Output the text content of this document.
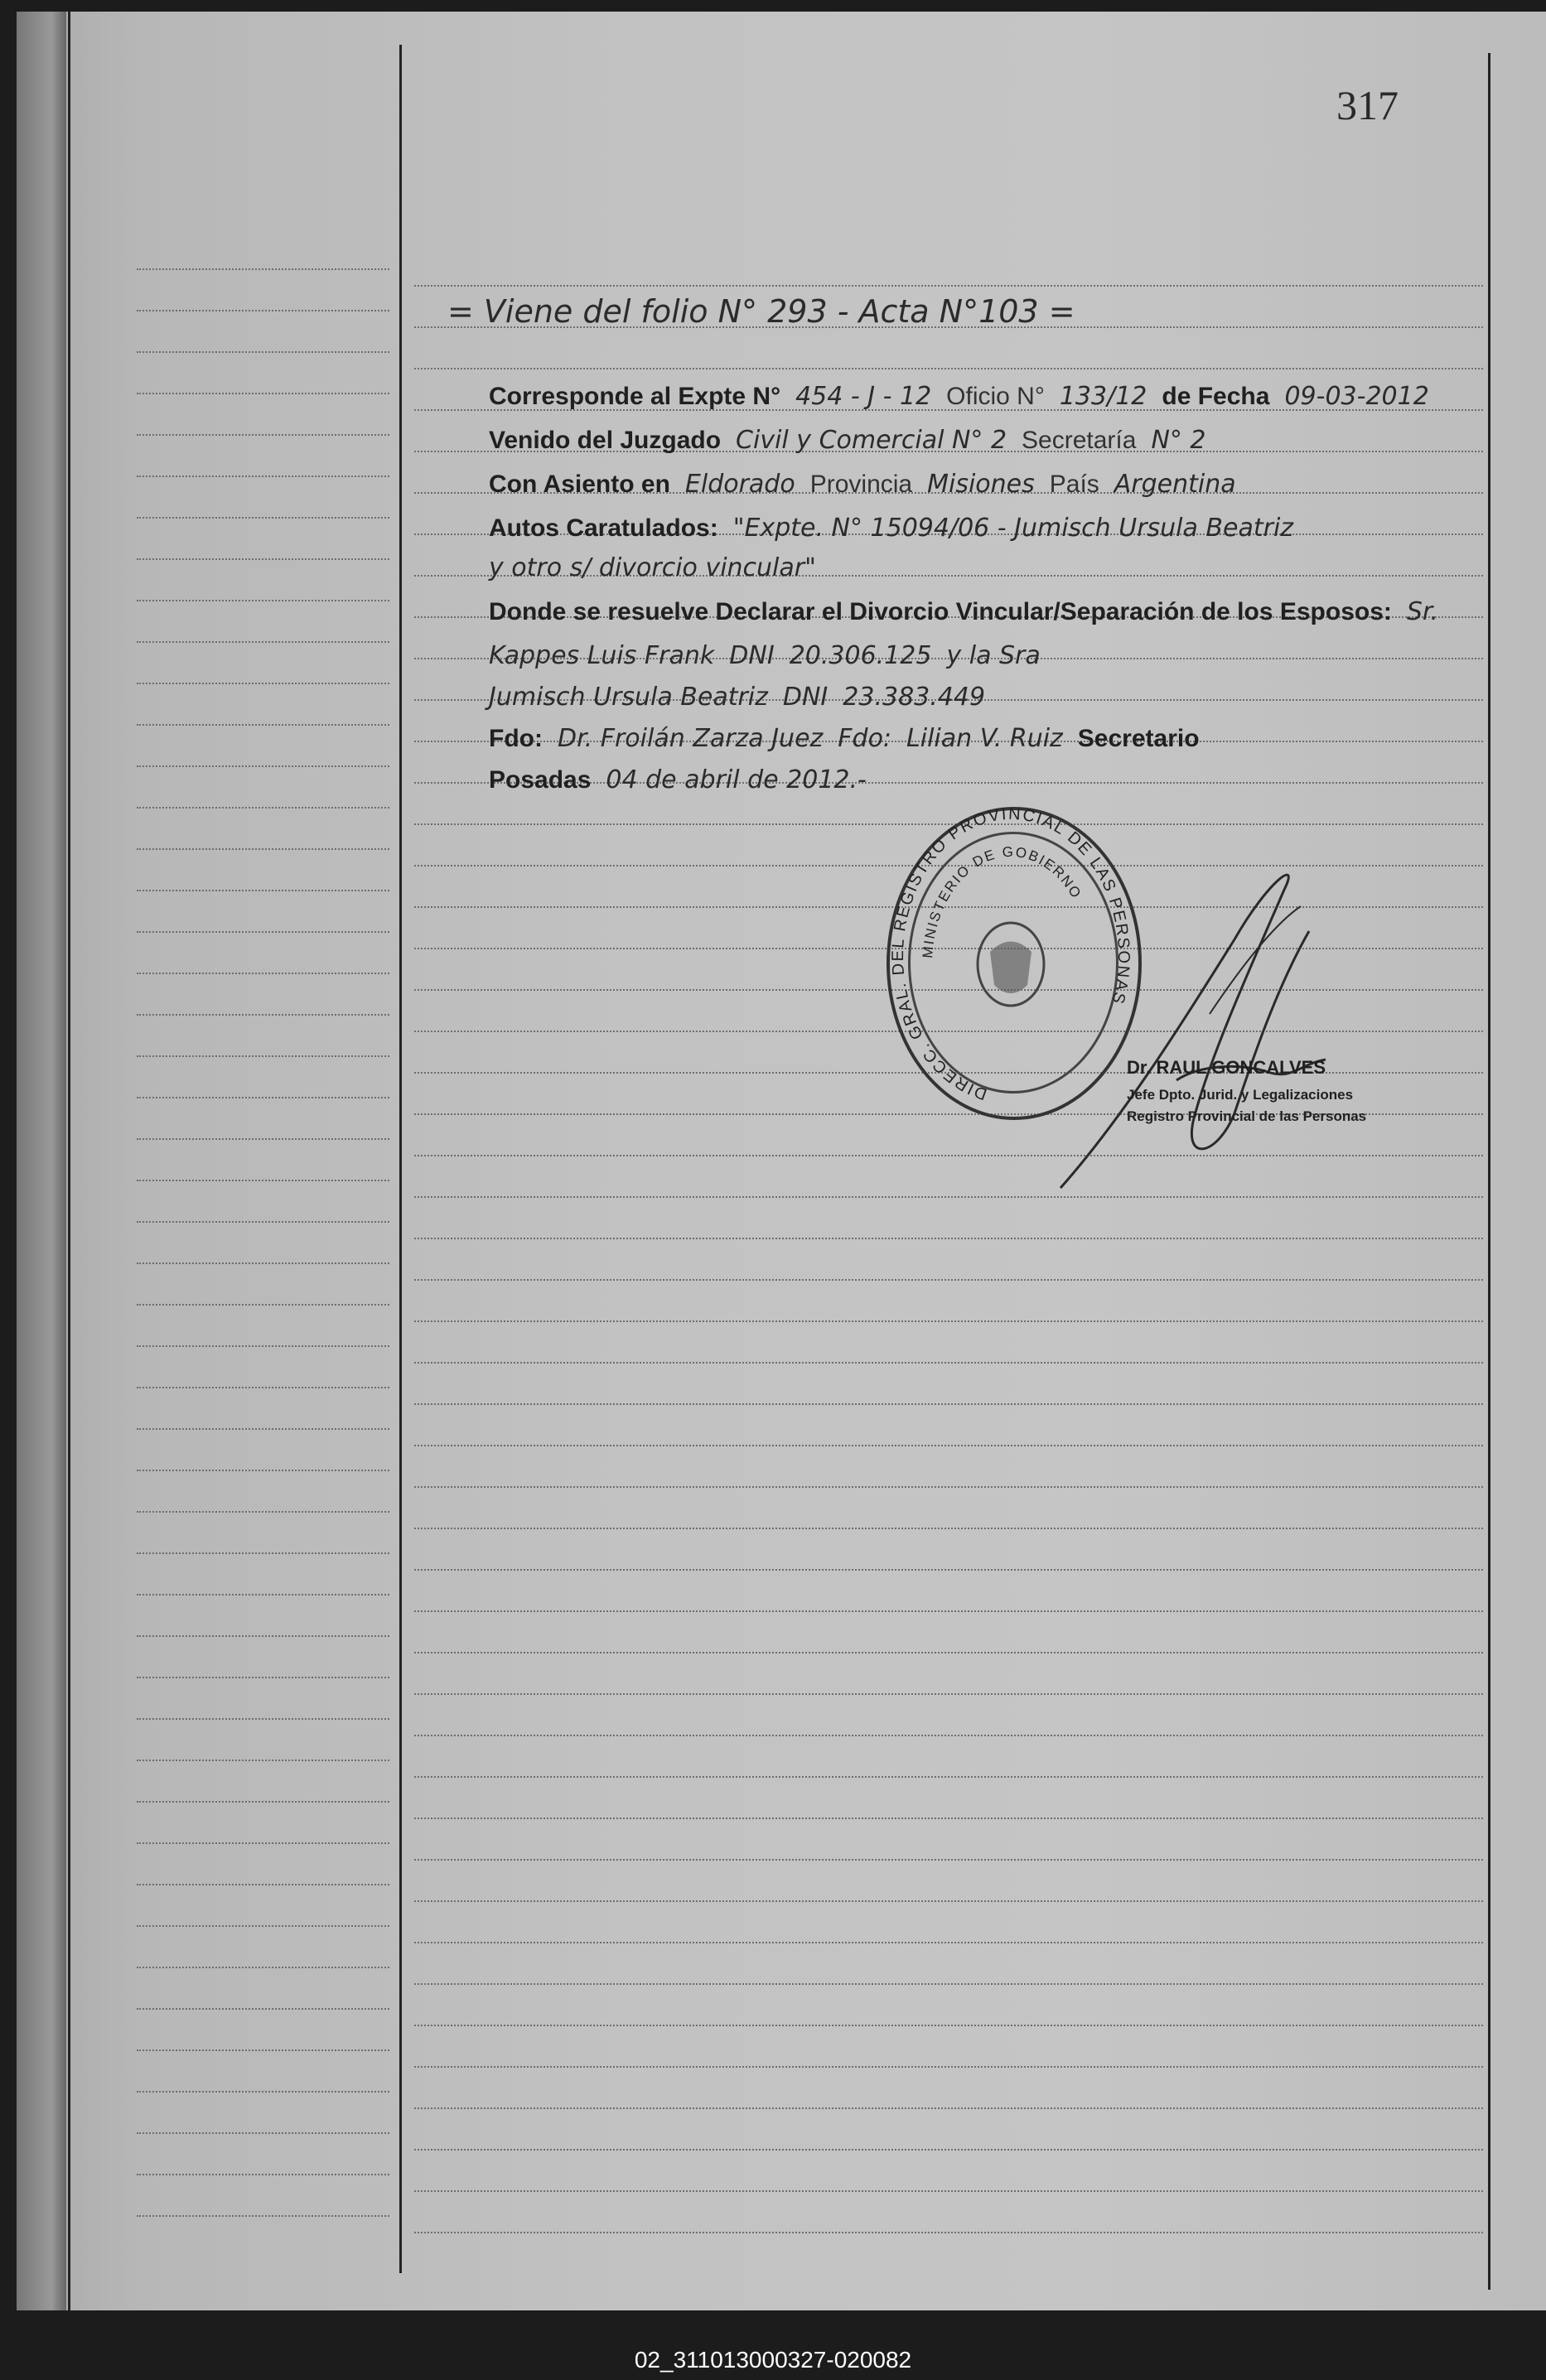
317
= Viene del folio N° 293 - Acta N°103 =
Corresponde al Expte N° 454 - J - 12 Oficio N° 133/12 de Fecha 09-03-2012
Venido del Juzgado Civil y Comercial N° 2 Secretaría N° 2
Con Asiento en Eldorado Provincia Misiones País Argentina
Autos Caratulados: "Expte. N° 15094/06 - Jumisch Ursula Beatriz
y otro s/ divorcio vincular"
Donde se resuelve Declarar el Divorcio Vincular/Separación de los Esposos: Sr.
Kappes Luis Frank DNI 20.306.125 y la Sra
Jumisch Ursula Beatriz DNI 23.383.449
Fdo: Dr. Froilán Zarza Juez Fdo: Lilian V. Ruiz Secretario
Posadas 04 de abril de 2012.-
DIRECC. GRAL. DEL REGISTRO PROVINCIAL DE LAS PERSONAS
MINISTERIO DE GOBIERNO
Dr. RAUL GONCALVES
Jefe Dpto. Jurid. y Legalizaciones
Registro Provincial de las Personas
02_311013000327-020082
